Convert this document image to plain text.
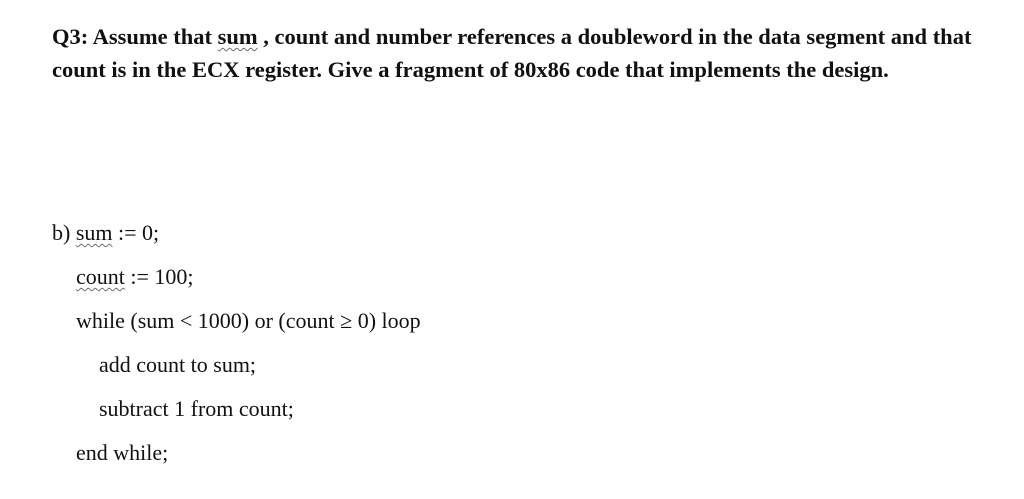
Q3: Assume that sum , count and number references a doubleword in the data segment and that count is in the ECX register. Give a fragment of 80x86 code that implements the design.
b) sum := 0;
count := 100;
while (sum < 1000) or (count ≥ 0) loop
add count to sum;
subtract 1 from count;
end while;
